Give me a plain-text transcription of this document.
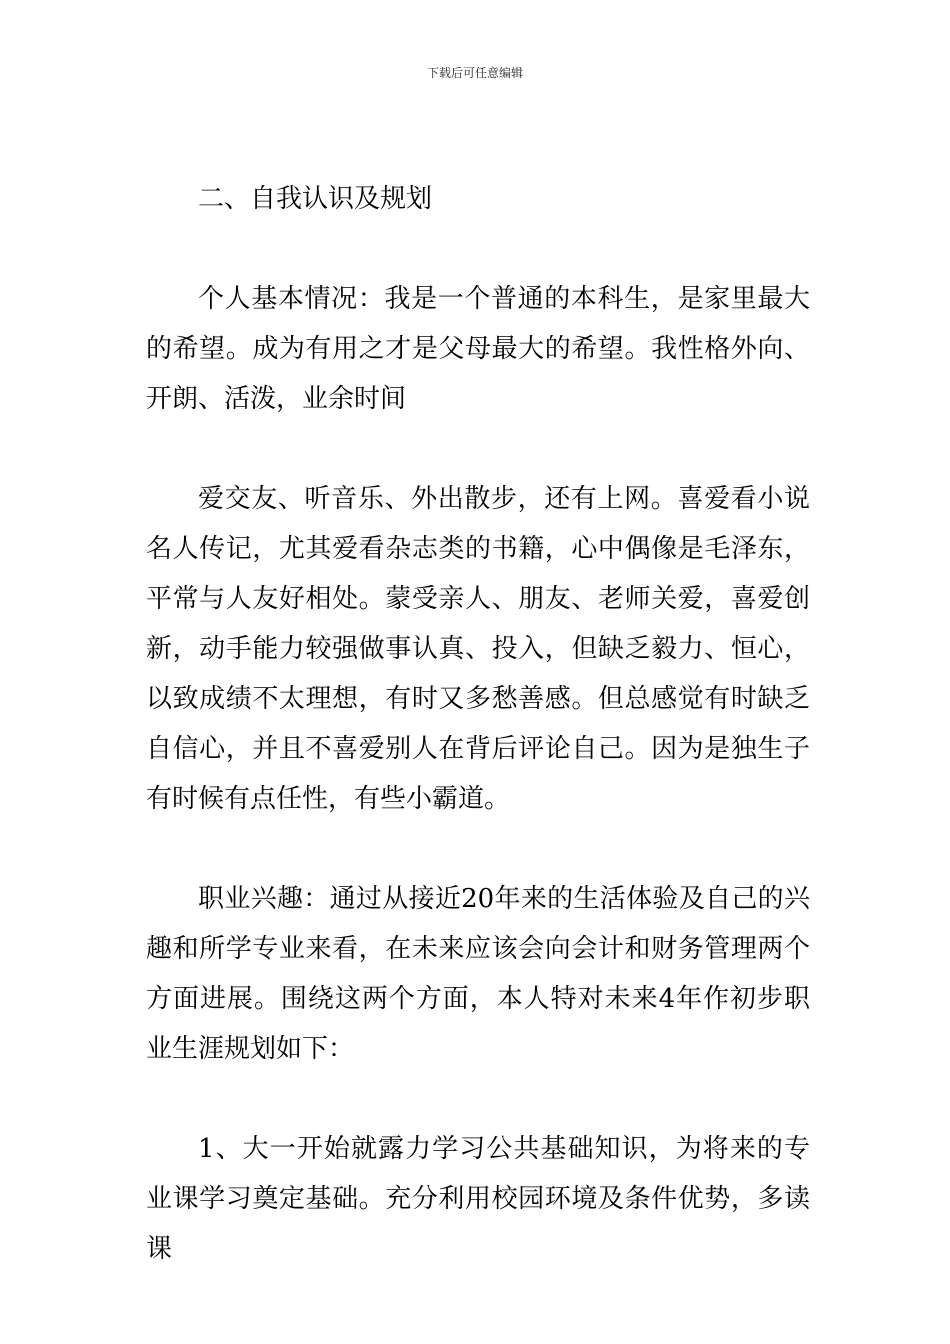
下载后可任意编辑

二、自我认识及规划

个人基本情况：我是一个普通的本科生，是家里最大的希望。成为有用之才是父母最大的希望。我性格外向、开朗、活泼，业余时间

爱交友、听音乐、外出散步，还有上网。喜爱看小说名人传记，尤其爱看杂志类的书籍，心中偶像是毛泽东，平常与人友好相处。蒙受亲人、朋友、老师关爱，喜爱创新，动手能力较强做事认真、投入，但缺乏毅力、恒心，以致成绩不太理想，有时又多愁善感。但总感觉有时缺乏自信心，并且不喜爱别人在背后评论自己。因为是独生子有时候有点任性，有些小霸道。

职业兴趣：通过从接近20年来的生活体验及自己的兴趣和所学专业来看，在未来应该会向会计和财务管理两个方面进展。围绕这两个方面，本人特对未来4年作初步职业生涯规划如下：

1、大一开始就露力学习公共基础知识，为将来的专业课学习奠定基础。充分利用校园环境及条件优势，多读课
